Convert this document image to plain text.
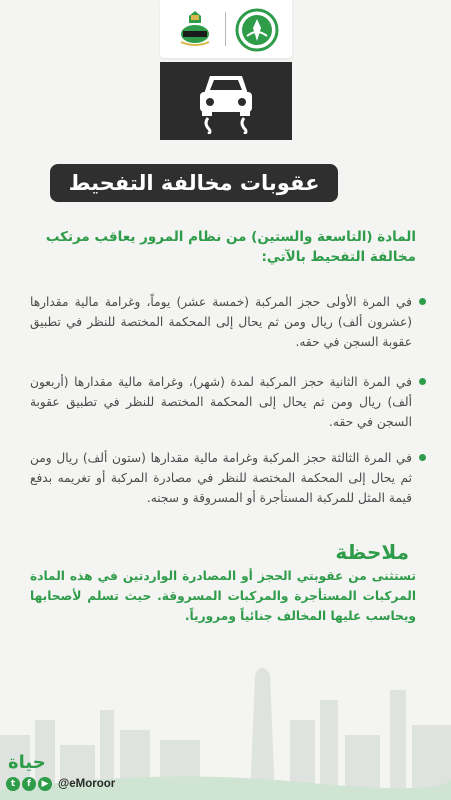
عقوبات مخالفة التفحيط
المادة (التاسعة والستين) من نظام المرور يعاقب مرتكب مخالفة التفحيط بالآتي:
في المرة الأولى حجز المركبة (خمسة عشر) يوماً، وغرامة مالية مقدارها (عشرون ألف) ريال ومن ثم يحال إلى المحكمة المختصة للنظر في تطبيق عقوبة السجن في حقه.
في المرة الثانية حجز المركبة لمدة (شهر)، وغرامة مالية مقدارها (أربعون ألف) ريال ومن ثم يحال إلى المحكمة المختصة للنظر في تطبيق عقوبة السجن في حقه.
في المرة الثالثة حجز المركبة وغرامة مالية مقدارها (ستون ألف) ريال ومن ثم يحال إلى المحكمة المختصة للنظر في مصادرة المركبة أو تغريمه بدفع قيمة المثل للمركبة المستأجرة أو المسروقة و سجنه.
ملاحظة
تستثنى من عقوبتي الحجز أو المصادرة الواردتين في هذه المادة المركبات المستأجرة والمركبات المسروقة. حيث تسلم لأصحابها ويحاسب عليها المخالف جنائياً ومرورياً.
حياة
t	f	▶ @eMoroor
